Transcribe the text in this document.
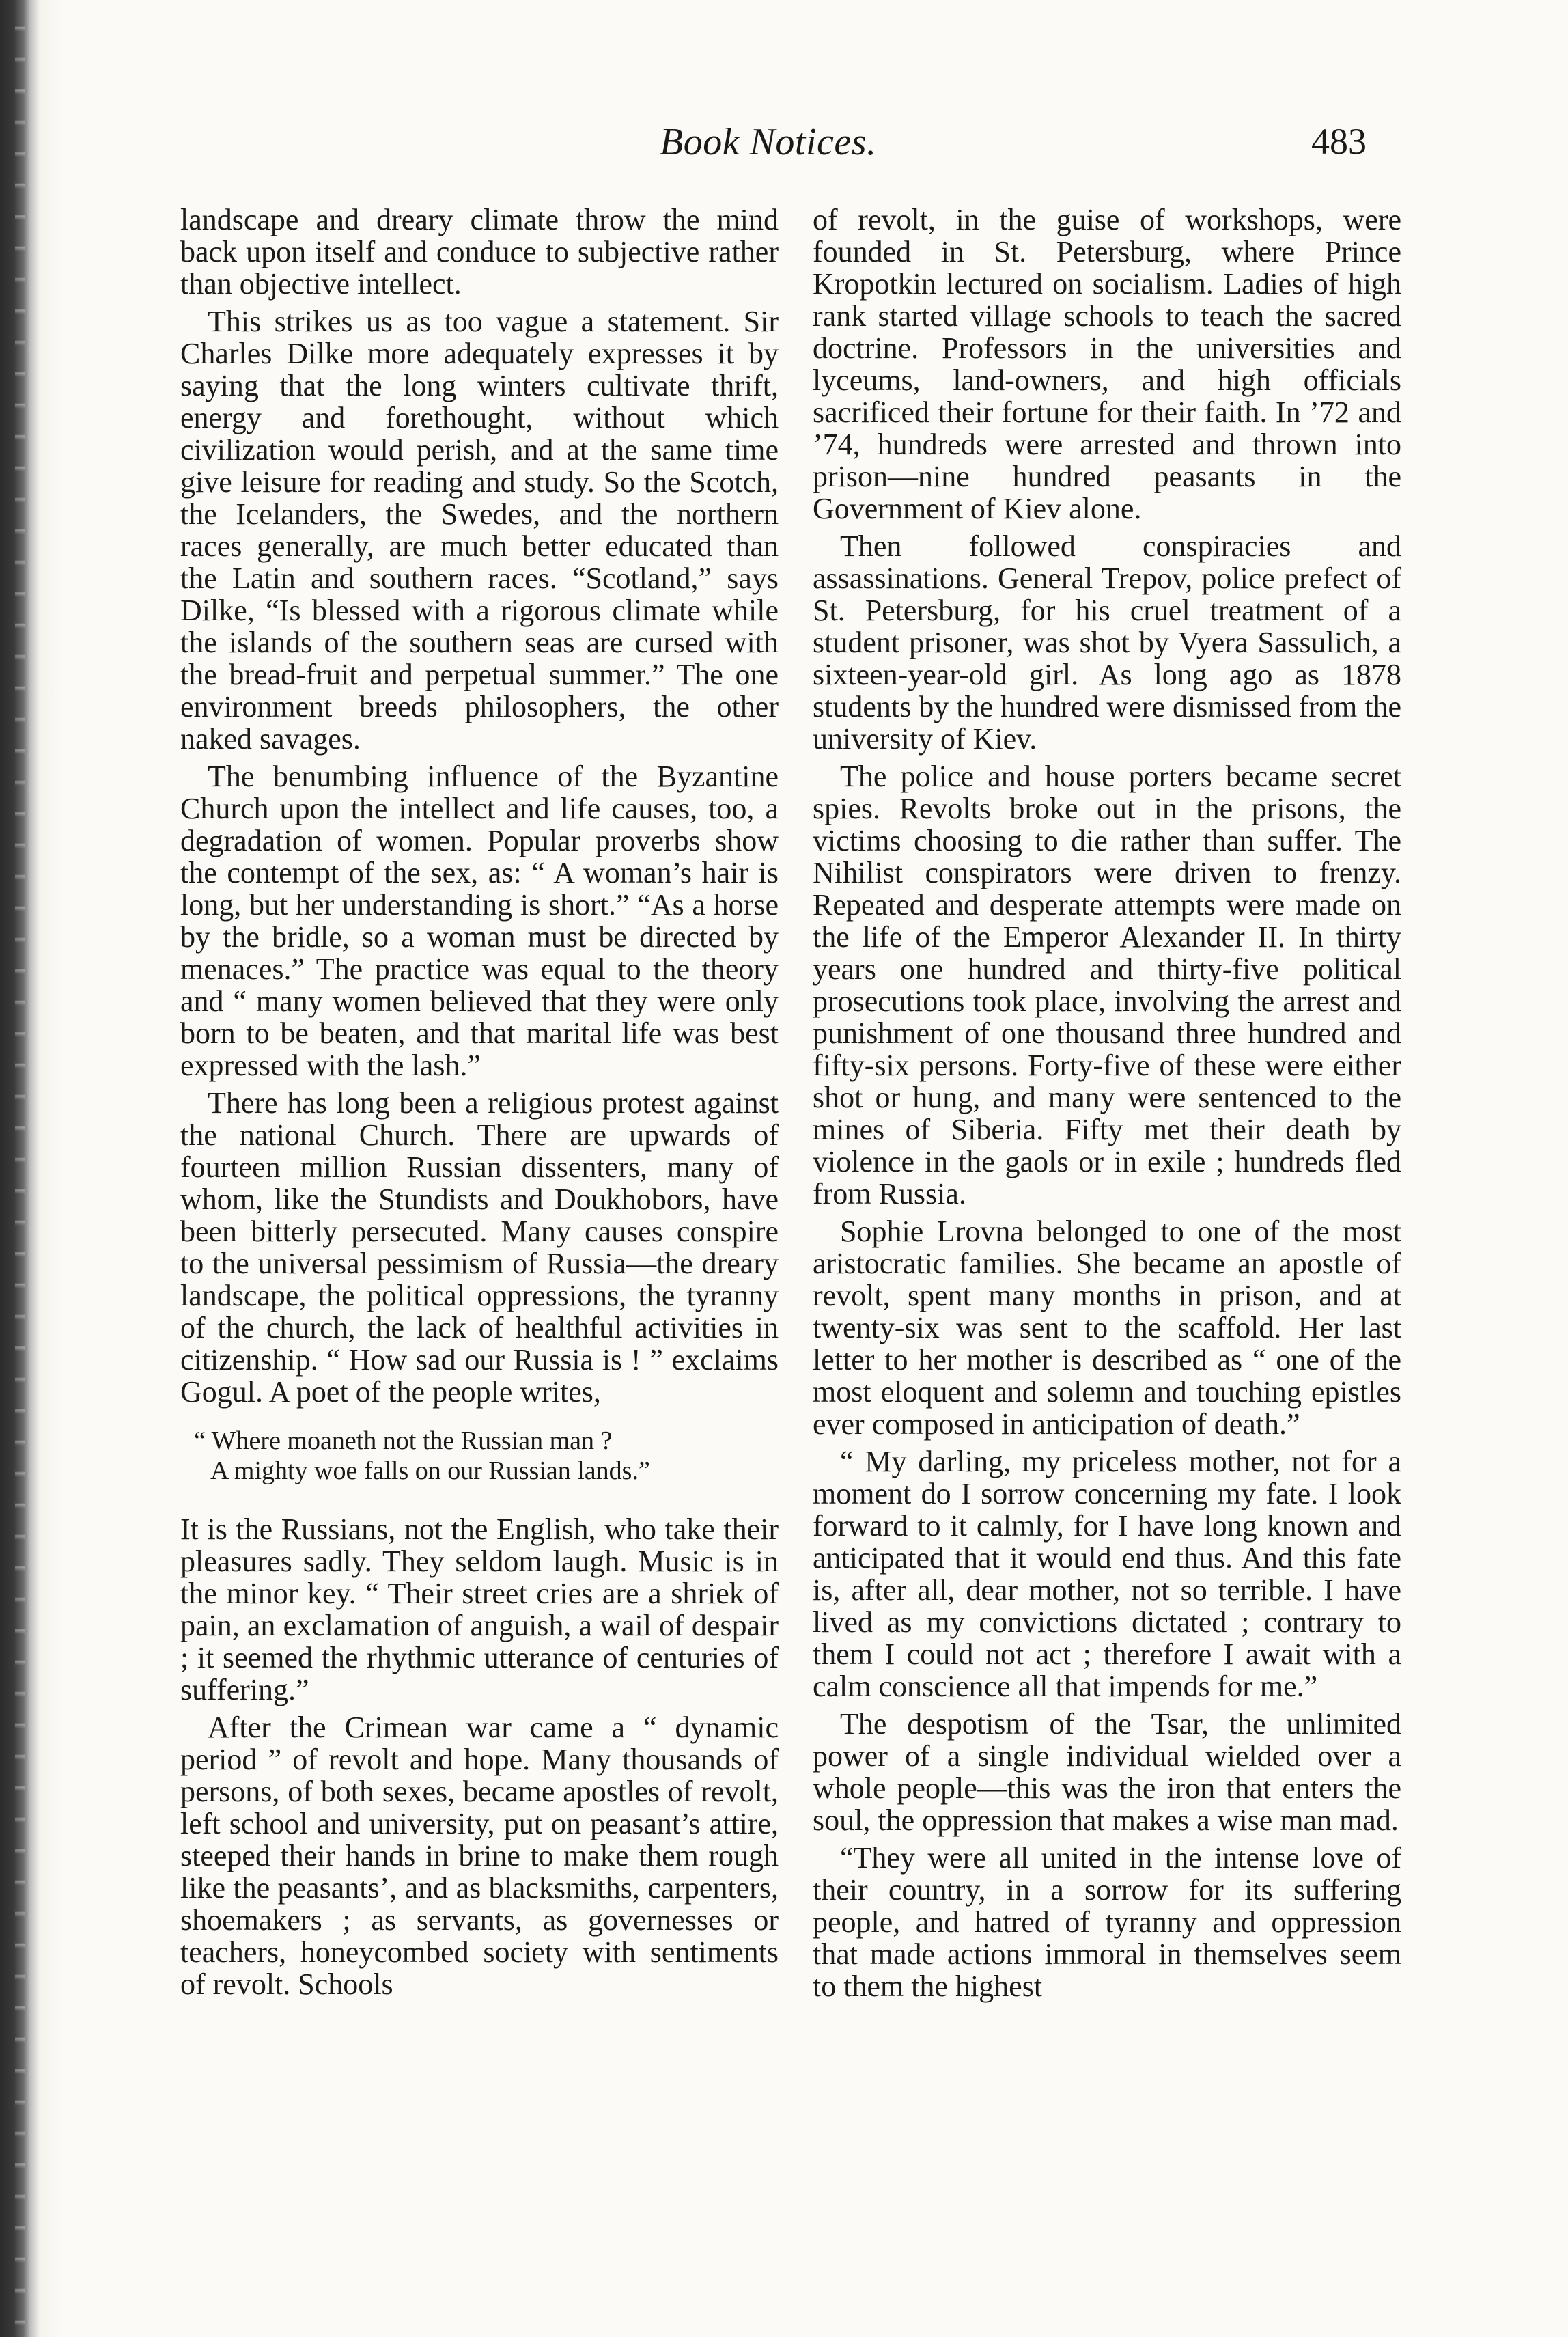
Book Notices.	483

landscape and dreary climate throw the mind back upon itself and conduce to subjective rather than objective intellect.

This strikes us as too vague a statement. Sir Charles Dilke more adequately expresses it by saying that the long winters cultivate thrift, energy and forethought, without which civilization would perish, and at the same time give leisure for reading and study. So the Scotch, the Icelanders, the Swedes, and the northern races generally, are much better educated than the Latin and southern races. “Scotland,” says Dilke, “Is blessed with a rigorous climate while the islands of the southern seas are cursed with the bread-fruit and perpetual summer.” The one environment breeds philosophers, the other naked savages.

The benumbing influence of the Byzantine Church upon the intellect and life causes, too, a degradation of women. Popular proverbs show the contempt of the sex, as: “ A woman’s hair is long, but her understanding is short.” “As a horse by the bridle, so a woman must be directed by menaces.” The practice was equal to the theory and “ many women believed that they were only born to be beaten, and that marital life was best expressed with the lash.”

There has long been a religious protest against the national Church. There are upwards of fourteen million Russian dissenters, many of whom, like the Stundists and Doukhobors, have been bitterly persecuted. Many causes conspire to the universal pessimism of Russia—the dreary landscape, the political oppressions, the tyranny of the church, the lack of healthful activities in citizenship. “ How sad our Russia is ! ” exclaims Gogul. A poet of the people writes,

“ Where moaneth not the Russian man ?
A mighty woe falls on our Russian lands.”

It is the Russians, not the English, who take their pleasures sadly. They seldom laugh. Music is in the minor key. “ Their street cries are a shriek of pain, an exclamation of anguish, a wail of despair ; it seemed the rhythmic utterance of centuries of suffering.”

After the Crimean war came a “ dynamic period ” of revolt and hope. Many thousands of persons, of both sexes, became apostles of revolt, left school and university, put on peasant’s attire, steeped their hands in brine to make them rough like the peasants’, and as blacksmiths, carpenters, shoemakers ; as servants, as governesses or teachers, honeycombed society with sentiments of revolt. Schools

of revolt, in the guise of workshops, were founded in St. Petersburg, where Prince Kropotkin lectured on socialism. Ladies of high rank started village schools to teach the sacred doctrine. Professors in the universities and lyceums, land-owners, and high officials sacrificed their fortune for their faith. In ’72 and ’74, hundreds were arrested and thrown into prison—nine hundred peasants in the Government of Kiev alone.

Then followed conspiracies and assassinations. General Trepov, police prefect of St. Petersburg, for his cruel treatment of a student prisoner, was shot by Vyera Sassulich, a sixteen-year-old girl. As long ago as 1878 students by the hundred were dismissed from the university of Kiev.

The police and house porters became secret spies. Revolts broke out in the prisons, the victims choosing to die rather than suffer. The Nihilist conspirators were driven to frenzy. Repeated and desperate attempts were made on the life of the Emperor Alexander II. In thirty years one hundred and thirty-five political prosecutions took place, involving the arrest and punishment of one thousand three hundred and fifty-six persons. Forty-five of these were either shot or hung, and many were sentenced to the mines of Siberia. Fifty met their death by violence in the gaols or in exile ; hundreds fled from Russia.

Sophie Lrovna belonged to one of the most aristocratic families. She became an apostle of revolt, spent many months in prison, and at twenty-six was sent to the scaffold. Her last letter to her mother is described as “ one of the most eloquent and solemn and touching epistles ever composed in anticipation of death.”

“ My darling, my priceless mother, not for a moment do I sorrow concerning my fate. I look forward to it calmly, for I have long known and anticipated that it would end thus. And this fate is, after all, dear mother, not so terrible. I have lived as my convictions dictated ; contrary to them I could not act ; therefore I await with a calm conscience all that impends for me.”

The despotism of the Tsar, the unlimited power of a single individual wielded over a whole people—this was the iron that enters the soul, the oppression that makes a wise man mad.

“They were all united in the intense love of their country, in a sorrow for its suffering people, and hatred of tyranny and oppression that made actions immoral in themselves seem to them the highest
